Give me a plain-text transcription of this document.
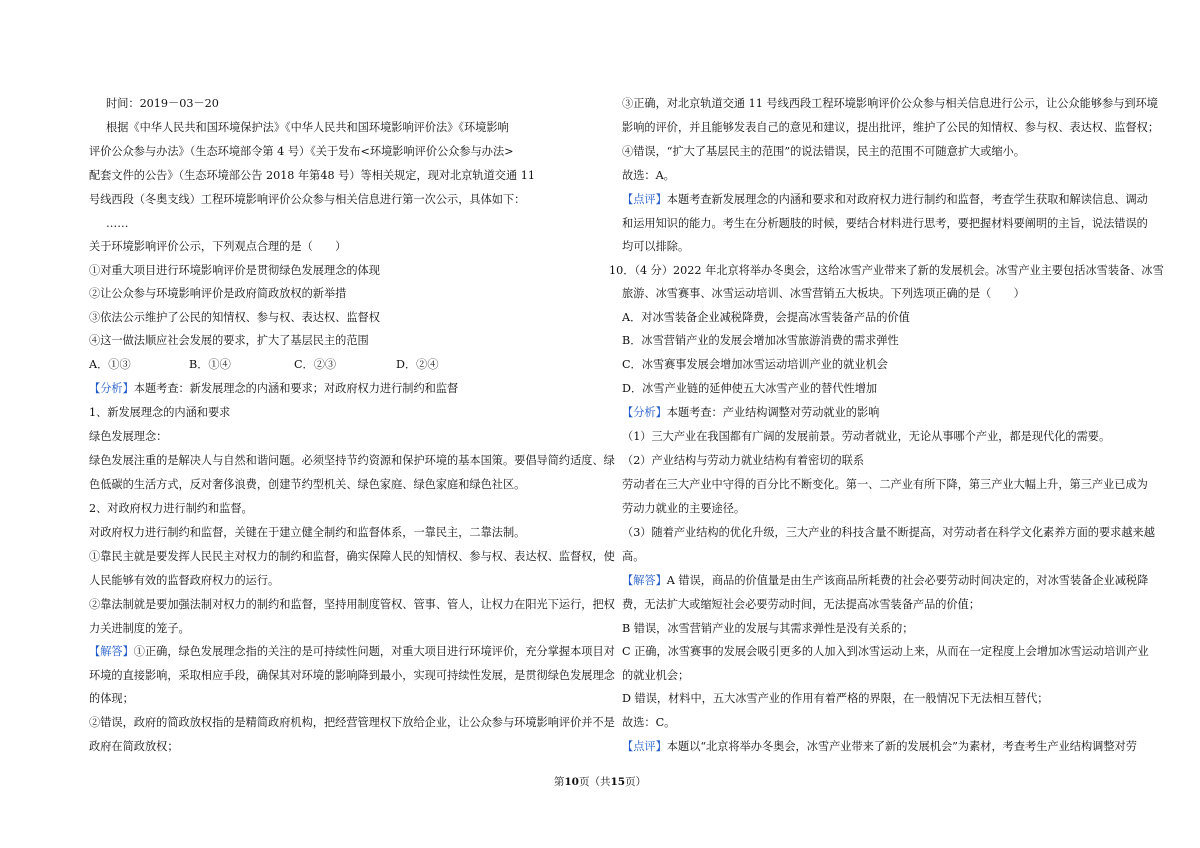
时间：2019－03－20
根据《中华人民共和国环境保护法》《中华人民共和国环境影响评价法》《环境影响
评价公众参与办法》（生态环境部令第 4 号）《关于发布<环境影响评价公众参与办法>
配套文件的公告》（生态环境部公告 2018 年第48 号）等相关规定，现对北京轨道交通 11
号线西段（冬奥支线）工程环境影响评价公众参与相关信息进行第一次公示，具体如下：
……
关于环境影响评价公示，下列观点合理的是（　　）
①对重大项目进行环境影响评价是贯彻绿色发展理念的体现
②让公众参与环境影响评价是政府简政放权的新举措
③依法公示维护了公民的知情权、参与权、表达权、监督权
④这一做法顺应社会发展的要求，扩大了基层民主的范围
A．①③	B．①④	C．②③	D．②④
【分析】本题考查：新发展理念的内涵和要求；对政府权力进行制约和监督
1、新发展理念的内涵和要求
绿色发展理念：
绿色发展注重的是解决人与自然和谐问题。必须坚持节约资源和保护环境的基本国策。要倡导简约适度、绿
色低碳的生活方式，反对奢侈浪费，创建节约型机关、绿色家庭、绿色家庭和绿色社区。
2、对政府权力进行制约和监督。
对政府权力进行制约和监督，关键在于建立健全制约和监督体系，一靠民主，二靠法制。
①靠民主就是要发挥人民民主对权力的制约和监督，确实保障人民的知情权、参与权、表达权、监督权，使
人民能够有效的监督政府权力的运行。
②靠法制就是要加强法制对权力的制约和监督，坚持用制度管权、管事、管人，让权力在阳光下运行，把权
力关进制度的笼子。
【解答】①正确，绿色发展理念指的关注的是可持续性问题，对重大项目进行环境评价，充分掌握本项目对
环境的直接影响，采取相应手段，确保其对环境的影响降到最小，实现可持续性发展，是贯彻绿色发展理念
的体现；
②错误，政府的简政放权指的是精简政府机构，把经营管理权下放给企业，让公众参与环境影响评价并不是
政府在简政放权；
③正确，对北京轨道交通 11 号线西段工程环境影响评价公众参与相关信息进行公示，让公众能够参与到环境
影响的评价，并且能够发表自己的意见和建议，提出批评，维护了公民的知情权、参与权、表达权、监督权；
④错误，“扩大了基层民主的范围”的说法错误，民主的范围不可随意扩大或缩小。
故选：A。
【点评】本题考查新发展理念的内涵和要求和对政府权力进行制约和监督，考查学生获取和解读信息、调动
和运用知识的能力。考生在分析题肢的时候，要结合材料进行思考，要把握材料要阐明的主旨，说法错误的
均可以排除。
10．（4 分）2022 年北京将举办冬奥会，这给冰雪产业带来了新的发展机会。冰雪产业主要包括冰雪装备、冰雪
旅游、冰雪赛事、冰雪运动培训、冰雪营销五大板块。下列选项正确的是（　　）
A．对冰雪装备企业减税降费，会提高冰雪装备产品的价值
B．冰雪营销产业的发展会增加冰雪旅游消费的需求弹性
C．冰雪赛事发展会增加冰雪运动培训产业的就业机会
D．冰雪产业链的延伸使五大冰雪产业的替代性增加
【分析】本题考查：产业结构调整对劳动就业的影响
（1）三大产业在我国都有广阔的发展前景。劳动者就业，无论从事哪个产业，都是现代化的需要。
（2）产业结构与劳动力就业结构有着密切的联系
劳动者在三大产业中守得的百分比不断变化。第一、二产业有所下降，第三产业大幅上升，第三产业已成为
劳动力就业的主要途径。
（3）随着产业结构的优化升级，三大产业的科技含量不断提高，对劳动者在科学文化素养方面的要求越来越
高。
【解答】A 错误，商品的价值量是由生产该商品所耗费的社会必要劳动时间决定的，对冰雪装备企业减税降
费，无法扩大或缩短社会必要劳动时间，无法提高冰雪装备产品的价值；
B 错误，冰雪营销产业的发展与其需求弹性是没有关系的；
C 正确，冰雪赛事的发展会吸引更多的人加入到冰雪运动上来，从而在一定程度上会增加冰雪运动培训产业
的就业机会；
D 错误，材料中，五大冰雪产业的作用有着严格的界限，在一般情况下无法相互替代；
故选：C。
【点评】本题以“北京将举办冬奥会，冰雪产业带来了新的发展机会”为素材，考查考生产业结构调整对劳
第10页（共15页）
